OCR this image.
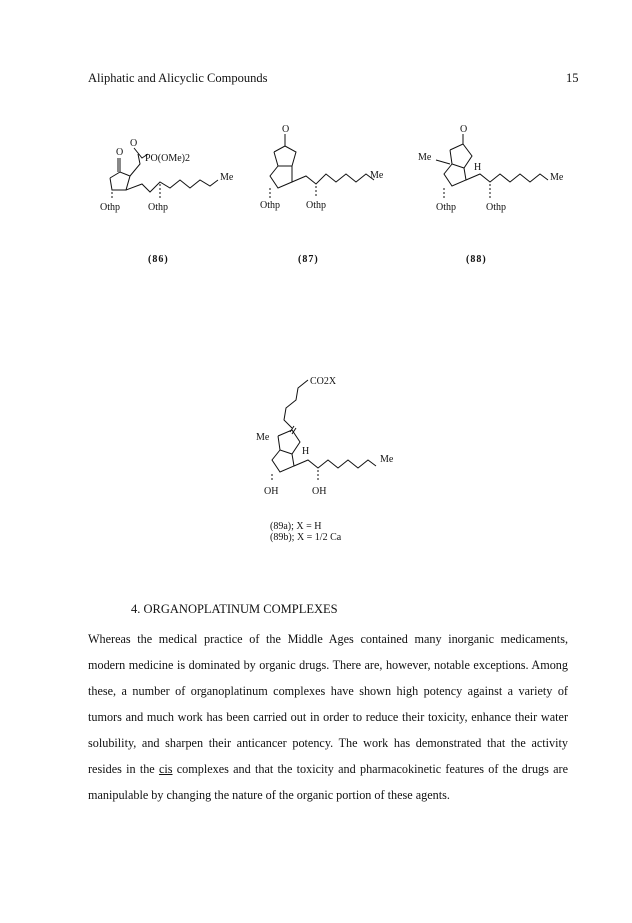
Aliphatic and Alicyclic Compounds	15
O
O
PO(OMe)2
Me
Othp	Othp
(86)
O
Me
Othp	Othp
(87)
O
Me
H
Me
Othp	Othp
(88)
CO2X
Me
H
Me
OH	OH
(89a); X = H
(89b); X = 1/2 Ca
4. ORGANOPLATINUM COMPLEXES

Whereas the medical practice of the Middle Ages contained many inorganic medicaments, modern medicine is dominated by organic drugs. There are, however, notable exceptions. Among these, a number of organoplatinum complexes have shown high potency against a variety of tumors and much work has been carried out in order to reduce their toxicity, enhance their water solubility, and sharpen their anticancer potency. The work has demonstrated that the activity resides in the cis complexes and that the toxicity and pharmacokinetic features of the drugs are manipulable by changing the nature of the organic portion of these agents.
